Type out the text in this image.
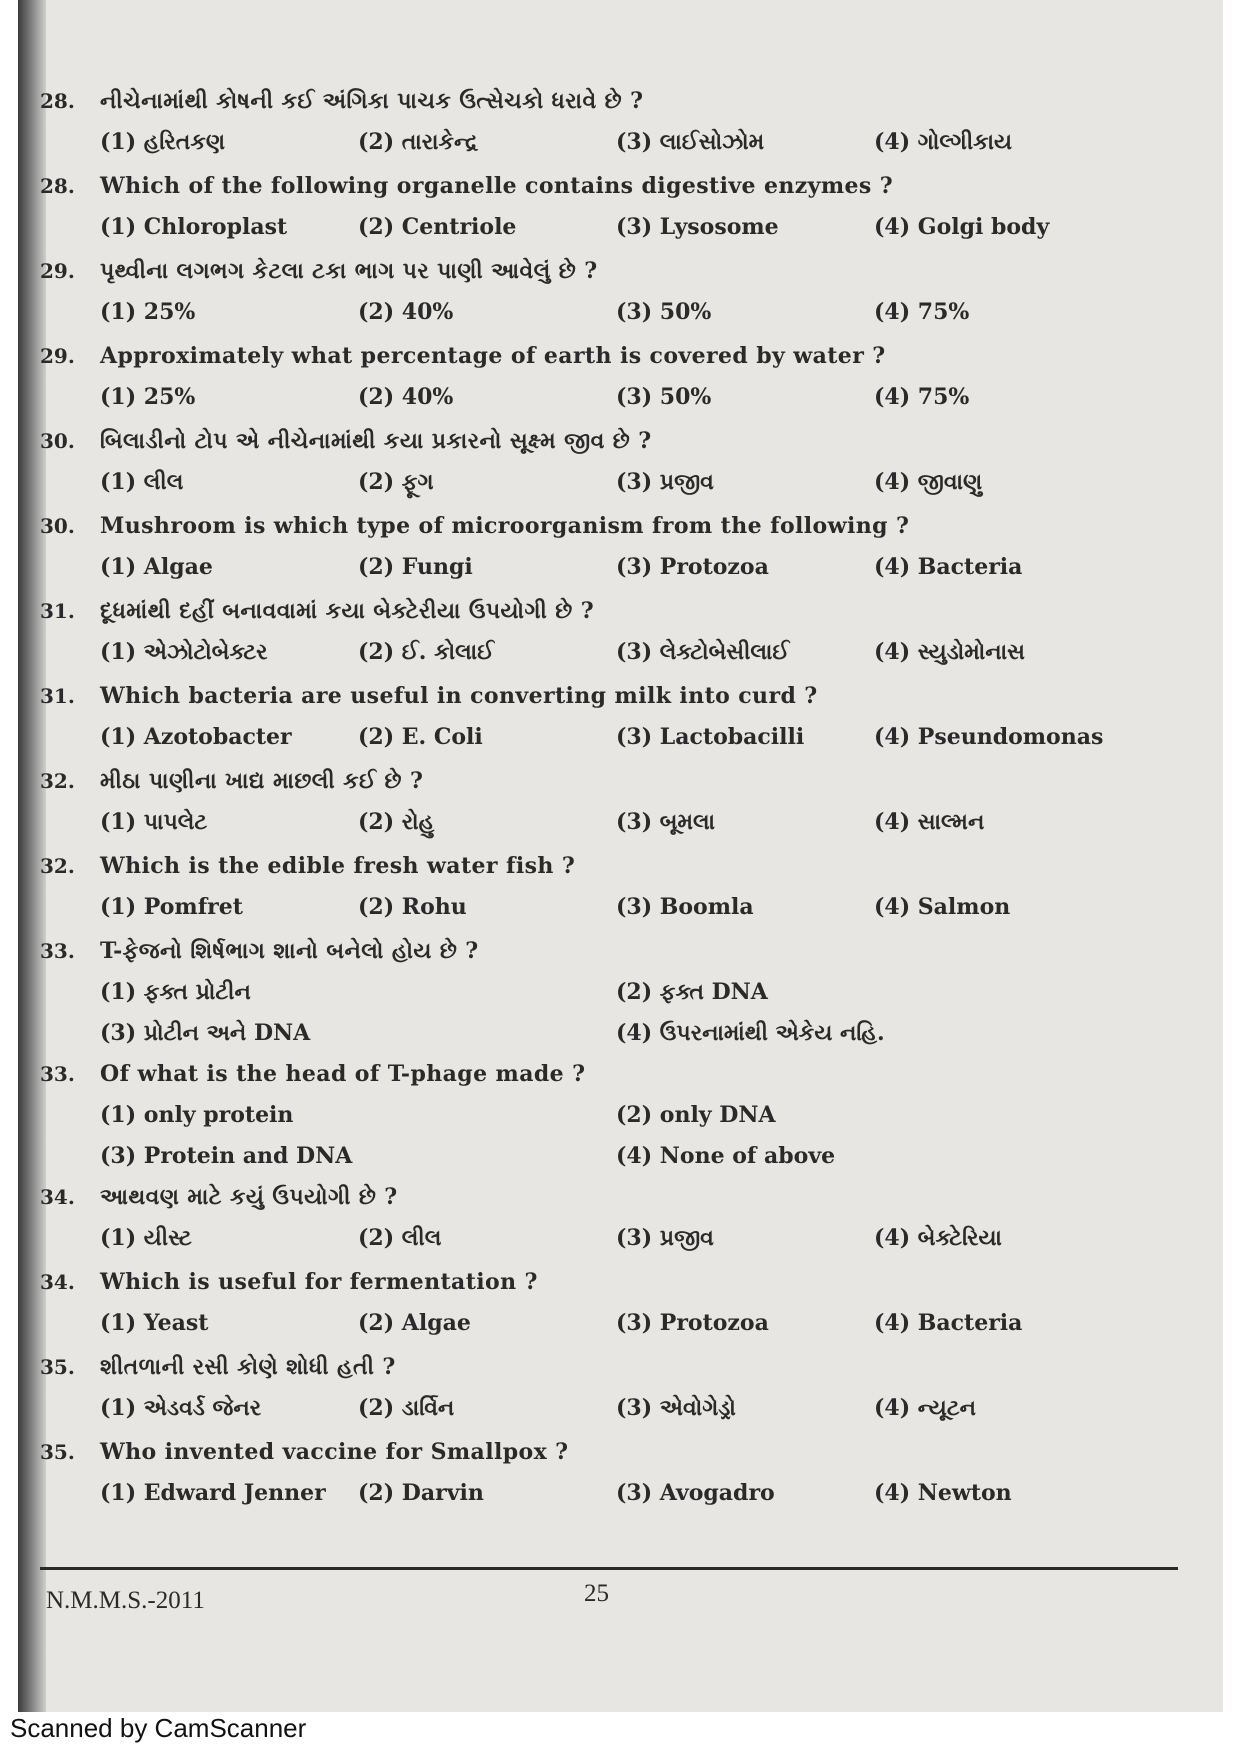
28.	નીચેનામાંથી કોષની કઈ અંગિકા પાચક ઉત્સેચકો ધરાવે છે ?
(1) હરિતકણ	(2) તારાકેન્દ્ર	(3) લાઈસોઝોમ	(4) ગોલ્ગીકાય
28.	Which of the following organelle contains digestive enzymes ?
(1) Chloroplast	(2) Centriole	(3) Lysosome	(4) Golgi body
29.	પૃથ્વીના લગભગ કેટલા ટકા ભાગ પર પાણી આવેલું છે ?
(1) 25%	(2) 40%	(3) 50%	(4) 75%
29.	Approximately what percentage of earth is covered by water ?
(1) 25%	(2) 40%	(3) 50%	(4) 75%
30.	બિલાડીનો ટોપ એ નીચેનામાંથી કયા પ્રકારનો સૂક્ષ્મ જીવ છે ?
(1) લીલ	(2) ફૂગ	(3) પ્રજીવ	(4) જીવાણુ
30.	Mushroom is which type of microorganism from the following ?
(1) Algae	(2) Fungi	(3) Protozoa	(4) Bacteria
31.	દૂધમાંથી દહીં બનાવવામાં કયા બેક્ટેરીયા ઉપયોગી છે ?
(1) એઝોટોબેક્ટર	(2) ઈ. કોલાઈ	(3) લેક્ટોબેસીલાઈ	(4) સ્યુડોમોનાસ
31.	Which bacteria are useful in converting milk into curd ?
(1) Azotobacter	(2) E. Coli	(3) Lactobacilli	(4) Pseundomonas
32.	મીઠા પાણીના ખાદ્ય માછલી કઈ છે ?
(1) પાપલેટ	(2) રોહુ	(3) બૂમલા	(4) સાલ્મન
32.	Which is the edible fresh water fish ?
(1) Pomfret	(2) Rohu	(3) Boomla	(4) Salmon
33.	T-ફેજનો શિર્ષભાગ શાનો બનેલો હોય છે ?
(1) ફક્ત પ્રોટીન	(2) ફક્ત DNA
(3) પ્રોટીન અને DNA	(4) ઉપરનામાંથી એકેય નહિ.
33.	Of what is the head of T-phage made ?
(1) only protein	(2) only DNA
(3) Protein and DNA	(4) None of above
34.	આથવણ માટે કયું ઉપયોગી છે ?
(1) યીસ્ટ	(2) લીલ	(3) પ્રજીવ	(4) બેક્ટેરિયા
34.	Which is useful for fermentation ?
(1) Yeast	(2) Algae	(3) Protozoa	(4) Bacteria
35.	શીતળાની રસી કોણે શોધી હતી ?
(1) એડવર્ડ જેનર	(2) ડાર્વિન	(3) એવોગેડ્રો	(4) ન્યૂટન
35.	Who invented vaccine for Smallpox ?
(1) Edward Jenner	(2) Darvin	(3) Avogadro	(4) Newton
N.M.M.S.-2011	25
Scanned by CamScanner
